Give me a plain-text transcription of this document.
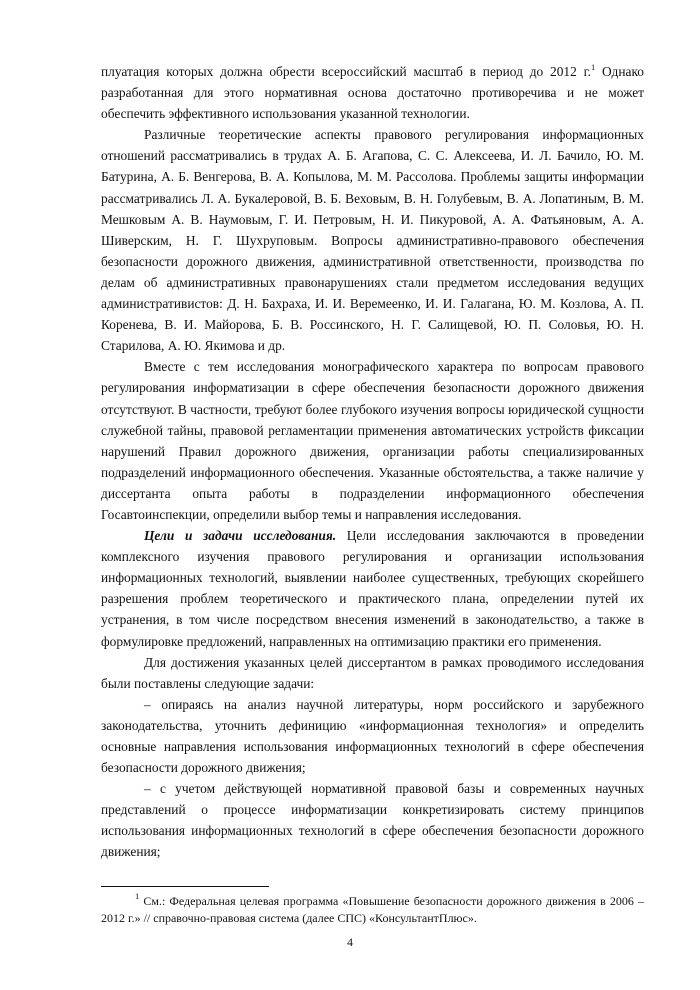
плуатация которых должна обрести всероссийский масштаб в период до 2012 г.$^1$ Однако разработанная для этого нормативная основа достаточно противоречива и не может обеспечить эффективного использования указанной технологии.

Различные теоретические аспекты правового регулирования информационных отношений рассматривались в трудах А. Б. Агапова, С. С. Алексеева, И. Л. Бачило, Ю. М. Батурина, А. Б. Венгерова, В. А. Копылова, М. М. Рассолова. Проблемы защиты информации рассматривались Л. А. Букалеровой, В. Б. Веховым, В. Н. Голубевым, В. А. Лопатиным, В. М. Мешковым А. В. Наумовым, Г. И. Петровым, Н. И. Пикуровой, А. А. Фатьяновым, А. А. Шиверским, Н. Г. Шухруповым. Вопросы административно-правового обеспечения безопасности дорожного движения, административной ответственности, производства по делам об административных правонарушениях стали предметом исследования ведущих административистов: Д. Н. Бахраха, И. И. Веремеенко, И. И. Галагана, Ю. М. Козлова, А. П. Коренева, В. И. Майорова, Б. В. Россинского, Н. Г. Салищевой, Ю. П. Соловья, Ю. Н. Старилова, А. Ю. Якимова и др.

Вместе с тем исследования монографического характера по вопросам правового регулирования информатизации в сфере обеспечения безопасности дорожного движения отсутствуют. В частности, требуют более глубокого изучения вопросы юридической сущности служебной тайны, правовой регламентации применения автоматических устройств фиксации нарушений Правил дорожного движения, организации работы специализированных подразделений информационного обеспечения. Указанные обстоятельства, а также наличие у диссертанта опыта работы в подразделении информационного обеспечения Госавтоинспекции, определили выбор темы и направления исследования.

Цели и задачи исследования. Цели исследования заключаются в проведении комплексного изучения правового регулирования и организации использования информационных технологий, выявлении наиболее существенных, требующих скорейшего разрешения проблем теоретического и практического плана, определении путей их устранения, в том числе посредством внесения изменений в законодательство, а также в формулировке предложений, направленных на оптимизацию практики его применения.

Для достижения указанных целей диссертантом в рамках проводимого исследования были поставлены следующие задачи:

– опираясь на анализ научной литературы, норм российского и зарубежного законодательства, уточнить дефиницию «информационная технология» и определить основные направления использования информационных технологий в сфере обеспечения безопасности дорожного движения;

– с учетом действующей нормативной правовой базы и современных научных представлений о процессе информатизации конкретизировать систему принципов использования информационных технологий в сфере обеспечения безопасности дорожного движения;

$^1$ См.: Федеральная целевая программа «Повышение безопасности дорожного движения в 2006 – 2012 г.» // справочно-правовая система (далее СПС) «КонсультантПлюс».

4
